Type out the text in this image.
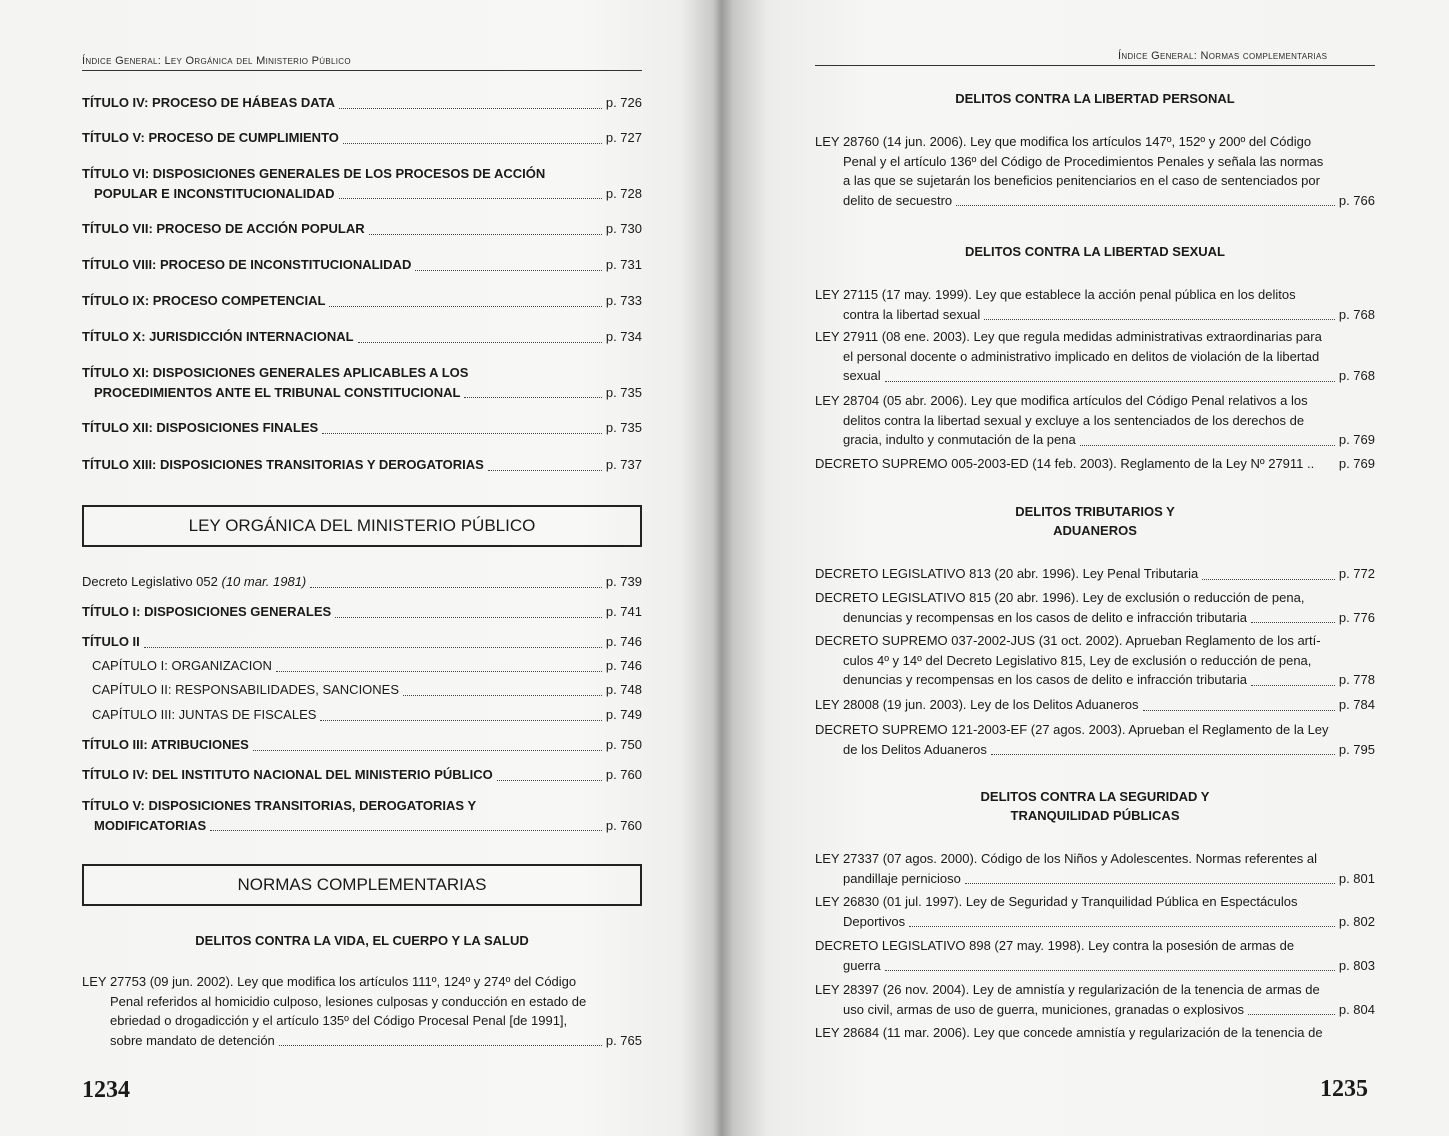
Índice General: Ley Orgánica del Ministerio Público
TÍTULO IV: PROCESO DE HÁBEAS DATA	p. 726
TÍTULO V: PROCESO DE CUMPLIMIENTO	p. 727
TÍTULO VI: DISPOSICIONES GENERALES DE LOS PROCESOS DE ACCIÓN
POPULAR E INCONSTITUCIONALIDAD	p. 728
TÍTULO VII: PROCESO DE ACCIÓN POPULAR	p. 730
TÍTULO VIII: PROCESO DE INCONSTITUCIONALIDAD	p. 731
TÍTULO IX: PROCESO COMPETENCIAL	p. 733
TÍTULO X: JURISDICCIÓN INTERNACIONAL	p. 734
TÍTULO XI: DISPOSICIONES GENERALES APLICABLES A LOS
PROCEDIMIENTOS ANTE EL TRIBUNAL CONSTITUCIONAL	p. 735
TÍTULO XII: DISPOSICIONES FINALES	p. 735
TÍTULO XIII: DISPOSICIONES TRANSITORIAS Y DEROGATORIAS	p. 737
LEY ORGÁNICA DEL MINISTERIO PÚBLICO
Decreto Legislativo 052 (10 mar. 1981)	p. 739
TÍTULO I: DISPOSICIONES GENERALES	p. 741
TÍTULO II	p. 746
CAPÍTULO I: ORGANIZACION	p. 746
CAPÍTULO II: RESPONSABILIDADES, SANCIONES	p. 748
CAPÍTULO III: JUNTAS DE FISCALES	p. 749
TÍTULO III: ATRIBUCIONES	p. 750
TÍTULO IV: DEL INSTITUTO NACIONAL DEL MINISTERIO PÚBLICO	p. 760
TÍTULO V: DISPOSICIONES TRANSITORIAS, DEROGATORIAS Y
MODIFICATORIAS	p. 760
NORMAS COMPLEMENTARIAS
DELITOS CONTRA LA VIDA, EL CUERPO Y LA SALUD
LEY 27753 (09 jun. 2002). Ley que modifica los artículos 111º, 124º y 274º del Código
Penal referidos al homicidio culposo, lesiones culposas y conducción en estado de
ebriedad o drogadicción y el artículo 135º del Código Procesal Penal [de 1991],
sobre mandato de detención	p. 765
1234
Índice General: Normas complementarias
DELITOS CONTRA LA LIBERTAD PERSONAL
LEY 28760 (14 jun. 2006). Ley que modifica los artículos 147º, 152º y 200º del Código
Penal y el artículo 136º del Código de Procedimientos Penales y señala las normas
a las que se sujetarán los beneficios penitenciarios en el caso de sentenciados por
delito de secuestro	p. 766
DELITOS CONTRA LA LIBERTAD SEXUAL
LEY 27115 (17 may. 1999). Ley que establece la acción penal pública en los delitos
contra la libertad sexual	p. 768
LEY 27911 (08 ene. 2003). Ley que regula medidas administrativas extraordinarias para
el personal docente o administrativo implicado en delitos de violación de la libertad
sexual	p. 768
LEY 28704 (05 abr. 2006). Ley que modifica artículos del Código Penal relativos a los
delitos contra la libertad sexual y excluye a los sentenciados de los derechos de
gracia, indulto y conmutación de la pena	p. 769
DECRETO SUPREMO 005-2003-ED (14 feb. 2003). Reglamento de la Ley Nº 27911 .. p. 769
DELITOS TRIBUTARIOS Y
ADUANEROS
DECRETO LEGISLATIVO 813 (20 abr. 1996). Ley Penal Tributaria	p. 772
DECRETO LEGISLATIVO 815 (20 abr. 1996). Ley de exclusión o reducción de pena,
denuncias y recompensas en los casos de delito e infracción tributaria	p. 776
DECRETO SUPREMO 037-2002-JUS (31 oct. 2002). Aprueban Reglamento de los artí-
culos 4º y 14º del Decreto Legislativo 815, Ley de exclusión o reducción de pena,
denuncias y recompensas en los casos de delito e infracción tributaria	p. 778
LEY 28008 (19 jun. 2003). Ley de los Delitos Aduaneros	p. 784
DECRETO SUPREMO 121-2003-EF (27 agos. 2003). Aprueban el Reglamento de la Ley
de los Delitos Aduaneros	p. 795
DELITOS CONTRA LA SEGURIDAD Y
TRANQUILIDAD PÚBLICAS
LEY 27337 (07 agos. 2000). Código de los Niños y Adolescentes. Normas referentes al
pandillaje pernicioso	p. 801
LEY 26830 (01 jul. 1997). Ley de Seguridad y Tranquilidad Pública en Espectáculos
Deportivos	p. 802
DECRETO LEGISLATIVO 898 (27 may. 1998). Ley contra la posesión de armas de
guerra	p. 803
LEY 28397 (26 nov. 2004). Ley de amnistía y regularización de la tenencia de armas de
uso civil, armas de uso de guerra, municiones, granadas o explosivos	p. 804
LEY 28684 (11 mar. 2006). Ley que concede amnistía y regularización de la tenencia de
1235
